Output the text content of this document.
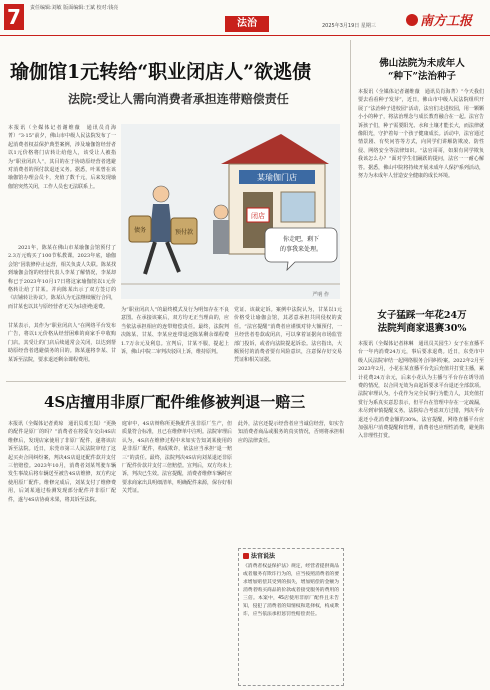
7	责任编辑:刘敏 版面编辑:王斌 校对:钱亮
法治	2025年3月19日 星期三	南方工报
瑜伽馆1元转给“职业闭店人”欲逃债
法院:受让人需向消费者承担连带赔偿责任
本报讯（全媒体记者谢维薇　通讯员肖海菁）“3·15”前夕，佛山市中级人民法院发布了一起消费者权益保护典型案例，涉及瑜伽馆经营者以1元价格将门店转让给他人，该受让人被指为“职业闭店人”，其目的在于协助原经营者逃避对消费者的预付款退还义务。据悉，叶某曾在该瑜伽馆办理会员卡，充值了数千元，后来发现瑜伽馆突然关闭，工作人员也无法联系上。
2021年，陈某在佛山市某瑜伽会馆预付了2.3万元购买了100节私教课。2023年底，瑜伽会馆“因装修停止运营，相关负责人失联。陈某找到瑜伽会馆的经营代表人李某了解情况，李某却称已于2023年10月17日将这家瑜伽馆以1元价格转让给了甘某。并向陈某出示了双方签订的《店铺转让协议》。陈某认为无法继续履行合同，而甘某也以其与原经营者无关为由拒绝退费。
甘某表示，其作为“职业闭店人”在网络平台发布广告，将以1元价格从经营困难的商家手中收购门店。其受让的门店后续通常会关闭，以达到帮助原经营者逃避债务的目的。陈某遂将李某、甘某诉至法院，要求退还剩余课程费用。
为“职业闭店人”的最终模式及行为明知存在不良意图。在承接该案后，双方均无正当理由的，应当依法承担相应的连带赔偿责任。最终，法院判决陈某、甘某、李某应连带退还陈某剩余课程费1.7万余元及利息。宣判后，甘某不服，提起上诉，佛山中院二审判决驳回上诉，维持原判。
党证、该裁定诉。案例中法院认为，甘某以1元价格受让瑜伽会馆，其恶意承担共同侵权的责任。“法官提醒”消费者应谨慎对待大额预付，一旦经营者卷款或闭店，可以拿着证据向市场监管部门投诉，或者向法院提起诉讼。法官指出，大额预付的消费者要有风险意识，注意保存好交易凭证和相关证据。
某瑜伽门店
闭店
你走吧，剩下
的事我来处理。
债务	预付款
严明 作
佛山法院为未成年人
“种下”法治种子
本报讯（全媒体记者谢维薇　通讯员肖海菁）“今天我们要去看看种子发芽”，近日，佛山市中级人民法院组织开展了“法治种子进校园”活动，法官们走进校园，用一颗颗小小的种子，将法治理念与成长教育融合在一起。法官告诉孩子们，种子需要阳光、水和土壤才能长大，而法律就像阳光，守护着每一个孩子健康成长。活动中，法官通过情景剧、有奖问答等方式，向同学们讲解防欺凌、防性侵、网络安全等法律知识。“法官哥哥，如果有同学欺负我该怎么办？”面对学生们踊跃的提问，法官一一耐心解答。据悉，佛山中院将持续开展未成年人保护系列活动，努力为未成年人营造安全健康的成长环境。
女子猛踩一年花24万
法院判商家退赛30%
本报讯（全媒体记者林琳　通讯员关园生）女子在直播平台一年内消费24万元，事后要求退费。近日，东莞市中级人民法院审结一起网络服务合同纠纷案。2022年2月至2023年2月，小花在某直播平台先后充值并打赏主播，累计花费24万余元，后来小花认为主播与平台存在诱导消费的情况，以合同无效为由起诉要求平台退还全部款项。法院审理认为，小花作为完全民事行为能力人，其充值打赏行为系真实意思表示，但平台在管理中存在一定疏漏，未尽到审慎提醒义务。法院综合考虑双方过错，判决平台退还小花消费金额的30%。法官提醒，网络直播平台应加强用户消费提醒和管理，消费者也应理性消费，避免陷入非理性打赏。
4S店擅用非原厂配件维修被判退一赔三
本报讯（全媒体记者黄琼　通讯员邓玉岚）“更换的配件是原厂的吗？”消费者在将爱车交由4S店维修后，发现店家使用了非原厂配件，遂将该店诉至法院。近日，东莞市第三人民法院审结了这起买卖合同纠纷案，判决4S店退还配件款并支付三倍赔偿。2023年10月，消费者刘某驾驶车辆发生事故后将车辆送至被告4S店维修，双方约定使用原厂配件。维修完成后，刘某支付了维修费用，后刘某通过检测发现部分配件并非原厂配件，遂与4S店协商未果，将其诉至法院。
庭审中，4S店辩称所更换配件虽非原厂生产，但质量符合标准，且已在维修单中注明。法院审理后认为，4S店在维修过程中未如实告知刘某使用的是非原厂配件，构成欺诈，依法应当承担“退一赔三”的责任。最终，法院判决4S店向刘某退还非原厂配件价款并支付三倍赔偿。宣判后，双方均未上诉，判决已生效。法官提醒，消费者维修车辆时应要求商家出具明细清单，明确配件来源，保存好相关凭证。
此外，法官还提示经营者应当诚信经营，如实告知消费者商品或服务的真实情况，否则将承担相应的法律责任。
法官说法
《消费者权益保护法》规定，经营者提供商品或者服务有欺诈行为的，应当按照消费者的要求增加赔偿其受到的损失，增加赔偿的金额为消费者购买商品的价款或者接受服务的费用的三倍。本案中，4S店使用非原厂配件且未告知，侵犯了消费者的知情权和选择权，构成欺诈，应当依法承担惩罚性赔偿责任。
